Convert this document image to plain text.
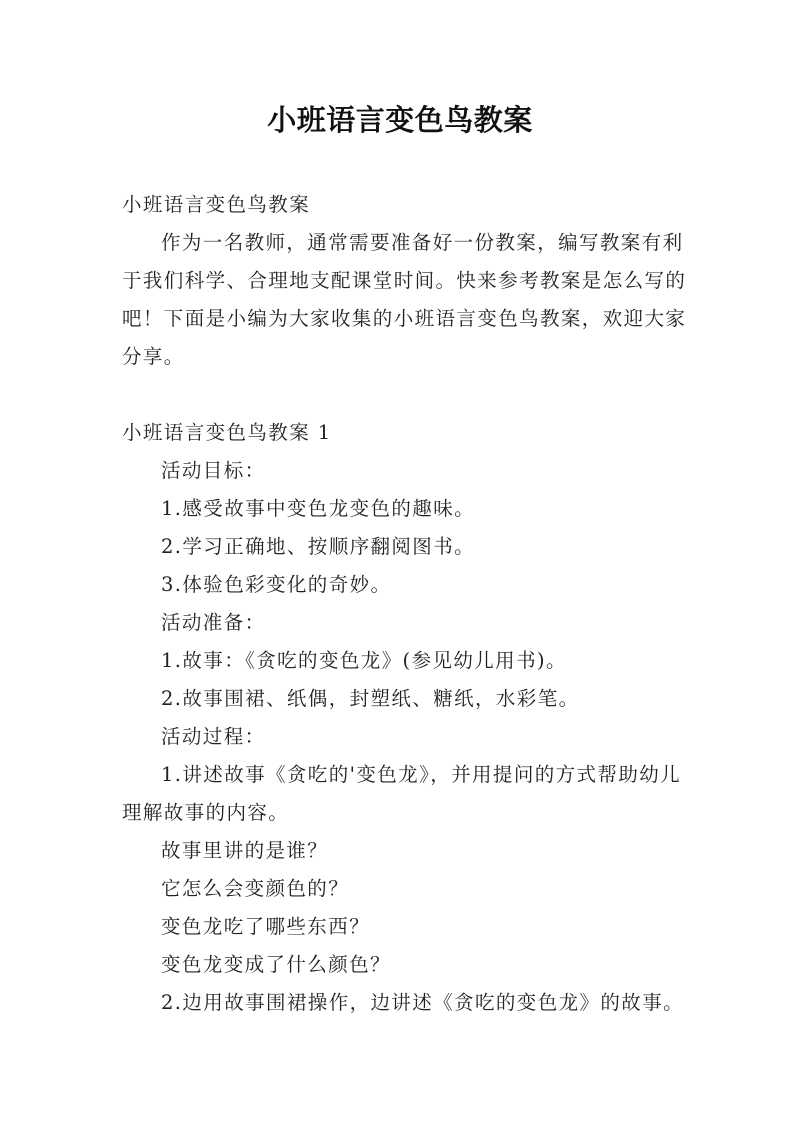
小班语言变色鸟教案

小班语言变色鸟教案

作为一名教师，通常需要准备好一份教案，编写教案有利于我们科学、合理地支配课堂时间。快来参考教案是怎么写的吧！下面是小编为大家收集的小班语言变色鸟教案，欢迎大家分享。

小班语言变色鸟教案 1

活动目标：

1.感受故事中变色龙变色的趣味。

2.学习正确地、按顺序翻阅图书。

3.体验色彩变化的奇妙。

活动准备：

1.故事：《贪吃的变色龙》(参见幼儿用书)。

2.故事围裙、纸偶，封塑纸、糖纸，水彩笔。

活动过程：

1.讲述故事《贪吃的'变色龙》，并用提问的方式帮助幼儿理解故事的内容。

故事里讲的是谁？

它怎么会变颜色的？

变色龙吃了哪些东西？

变色龙变成了什么颜色？

2.边用故事围裙操作，边讲述《贪吃的变色龙》的故事。
